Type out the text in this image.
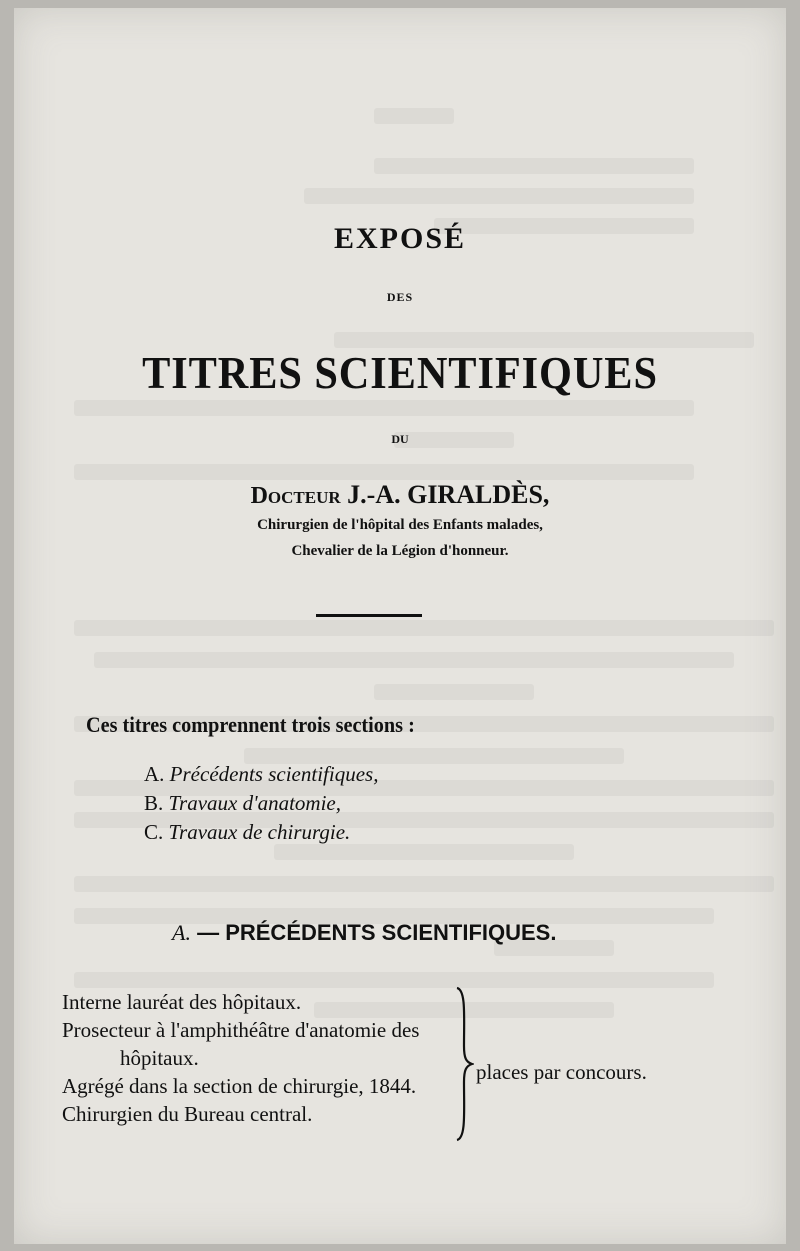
EXPOSÉ
DES
TITRES SCIENTIFIQUES
DU
Docteur J.-A. GIRALDÈS,
Chirurgien de l'hôpital des Enfants malades,
Chevalier de la Légion d'honneur.
Ces titres comprennent trois sections :
A. Précédents scientifiques,
B. Travaux d'anatomie,
C. Travaux de chirurgie.
A. — PRÉCÉDENTS SCIENTIFIQUES.
Interne lauréat des hôpitaux.
Prosecteur à l'amphithéâtre d'anatomie des
hôpitaux.
Agrégé dans la section de chirurgie, 1844.
Chirurgien du Bureau central.
places par concours.
